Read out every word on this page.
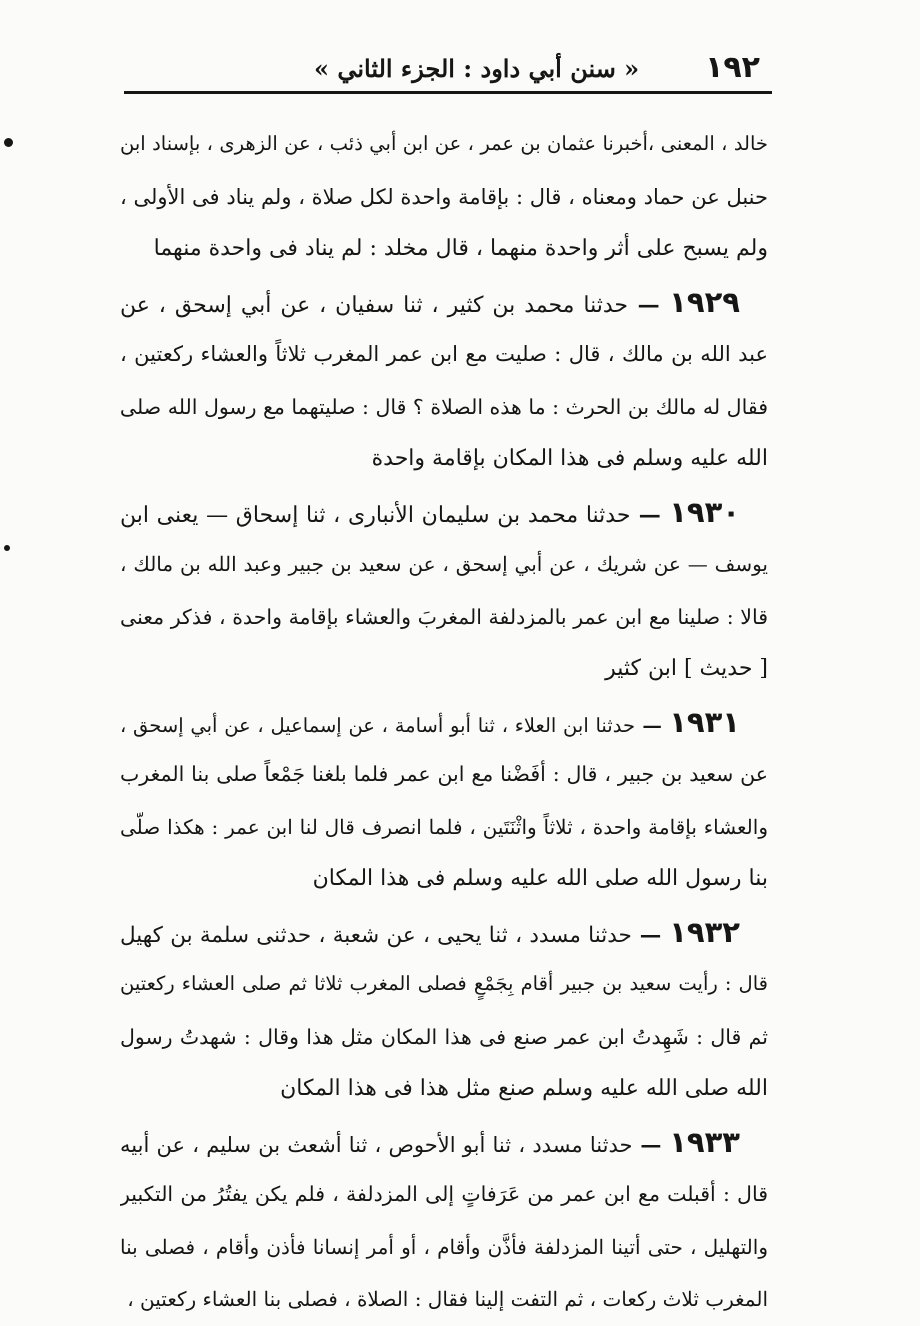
١٩٢
« سنن أبي داود : الجزء الثاني »
خالد ، المعنى ،أخبرنا عثمان بن عمر ، عن ابن أبي ذئب ، عن الزهرى ، بإسناد ابن
حنبل عن حماد ومعناه ، قال : بإقامة واحدة لكل صلاة ، ولم يناد فى الأولى ،
ولم يسبح على أثر واحدة منهما ، قال مخلد : لم يناد فى واحدة منهما
١٩٢٩ — حدثنا محمد بن كثير ، ثنا سفيان ، عن أبي إسحق ، عن
عبد الله بن مالك ، قال : صليت مع ابن عمر المغرب ثلاثاً والعشاء ركعتين ،
فقال له مالك بن الحرث : ما هذه الصلاة ؟ قال : صليتهما مع رسول الله صلى
الله عليه وسلم فى هذا المكان بإقامة واحدة
١٩٣٠ — حدثنا محمد بن سليمان الأنبارى ، ثنا إسحاق — يعنى ابن
يوسف — عن شريك ، عن أبي إسحق ، عن سعيد بن جبير وعبد الله بن مالك ،
قالا : صلينا مع ابن عمر بالمزدلفة المغربَ والعشاء بإقامة واحدة ، فذكر معنى
[ حديث ] ابن كثير
١٩٣١ — حدثنا ابن العلاء ، ثنا أبو أسامة ، عن إسماعيل ، عن أبي إسحق ،
عن سعيد بن جبير ، قال : أفَضْنا مع ابن عمر فلما بلغنا جَمْعاً صلى بنا المغرب
والعشاء بإقامة واحدة ، ثلاثاً واثْنَتَين ، فلما انصرف قال لنا ابن عمر : هكذا صلّى
بنا رسول الله صلى الله عليه وسلم فى هذا المكان
١٩٣٢ — حدثنا مسدد ، ثنا يحيى ، عن شعبة ، حدثنى سلمة بن كهيل
قال : رأيت سعيد بن جبير أقام بِجَمْعٍ فصلى المغرب ثلاثا ثم صلى العشاء ركعتين
ثم قال : شَهِدتُ ابن عمر صنع فى هذا المكان مثل هذا وقال : شهدتُ رسول
الله صلى الله عليه وسلم صنع مثل هذا فى هذا المكان
١٩٣٣ — حدثنا مسدد ، ثنا أبو الأحوص ، ثنا أشعث بن سليم ، عن أبيه
قال : أقبلت مع ابن عمر من عَرَفاتٍ إلى المزدلفة ، فلم يكن يفتُرُ من التكبير
والتهليل ، حتى أتينا المزدلفة فأذَّن وأقام ، أو أمر إنسانا فأذن وأقام ، فصلى بنا
المغرب ثلاث ركعات ، ثم التفت إلينا فقال : الصلاة ، فصلى بنا العشاء ركعتين ،
